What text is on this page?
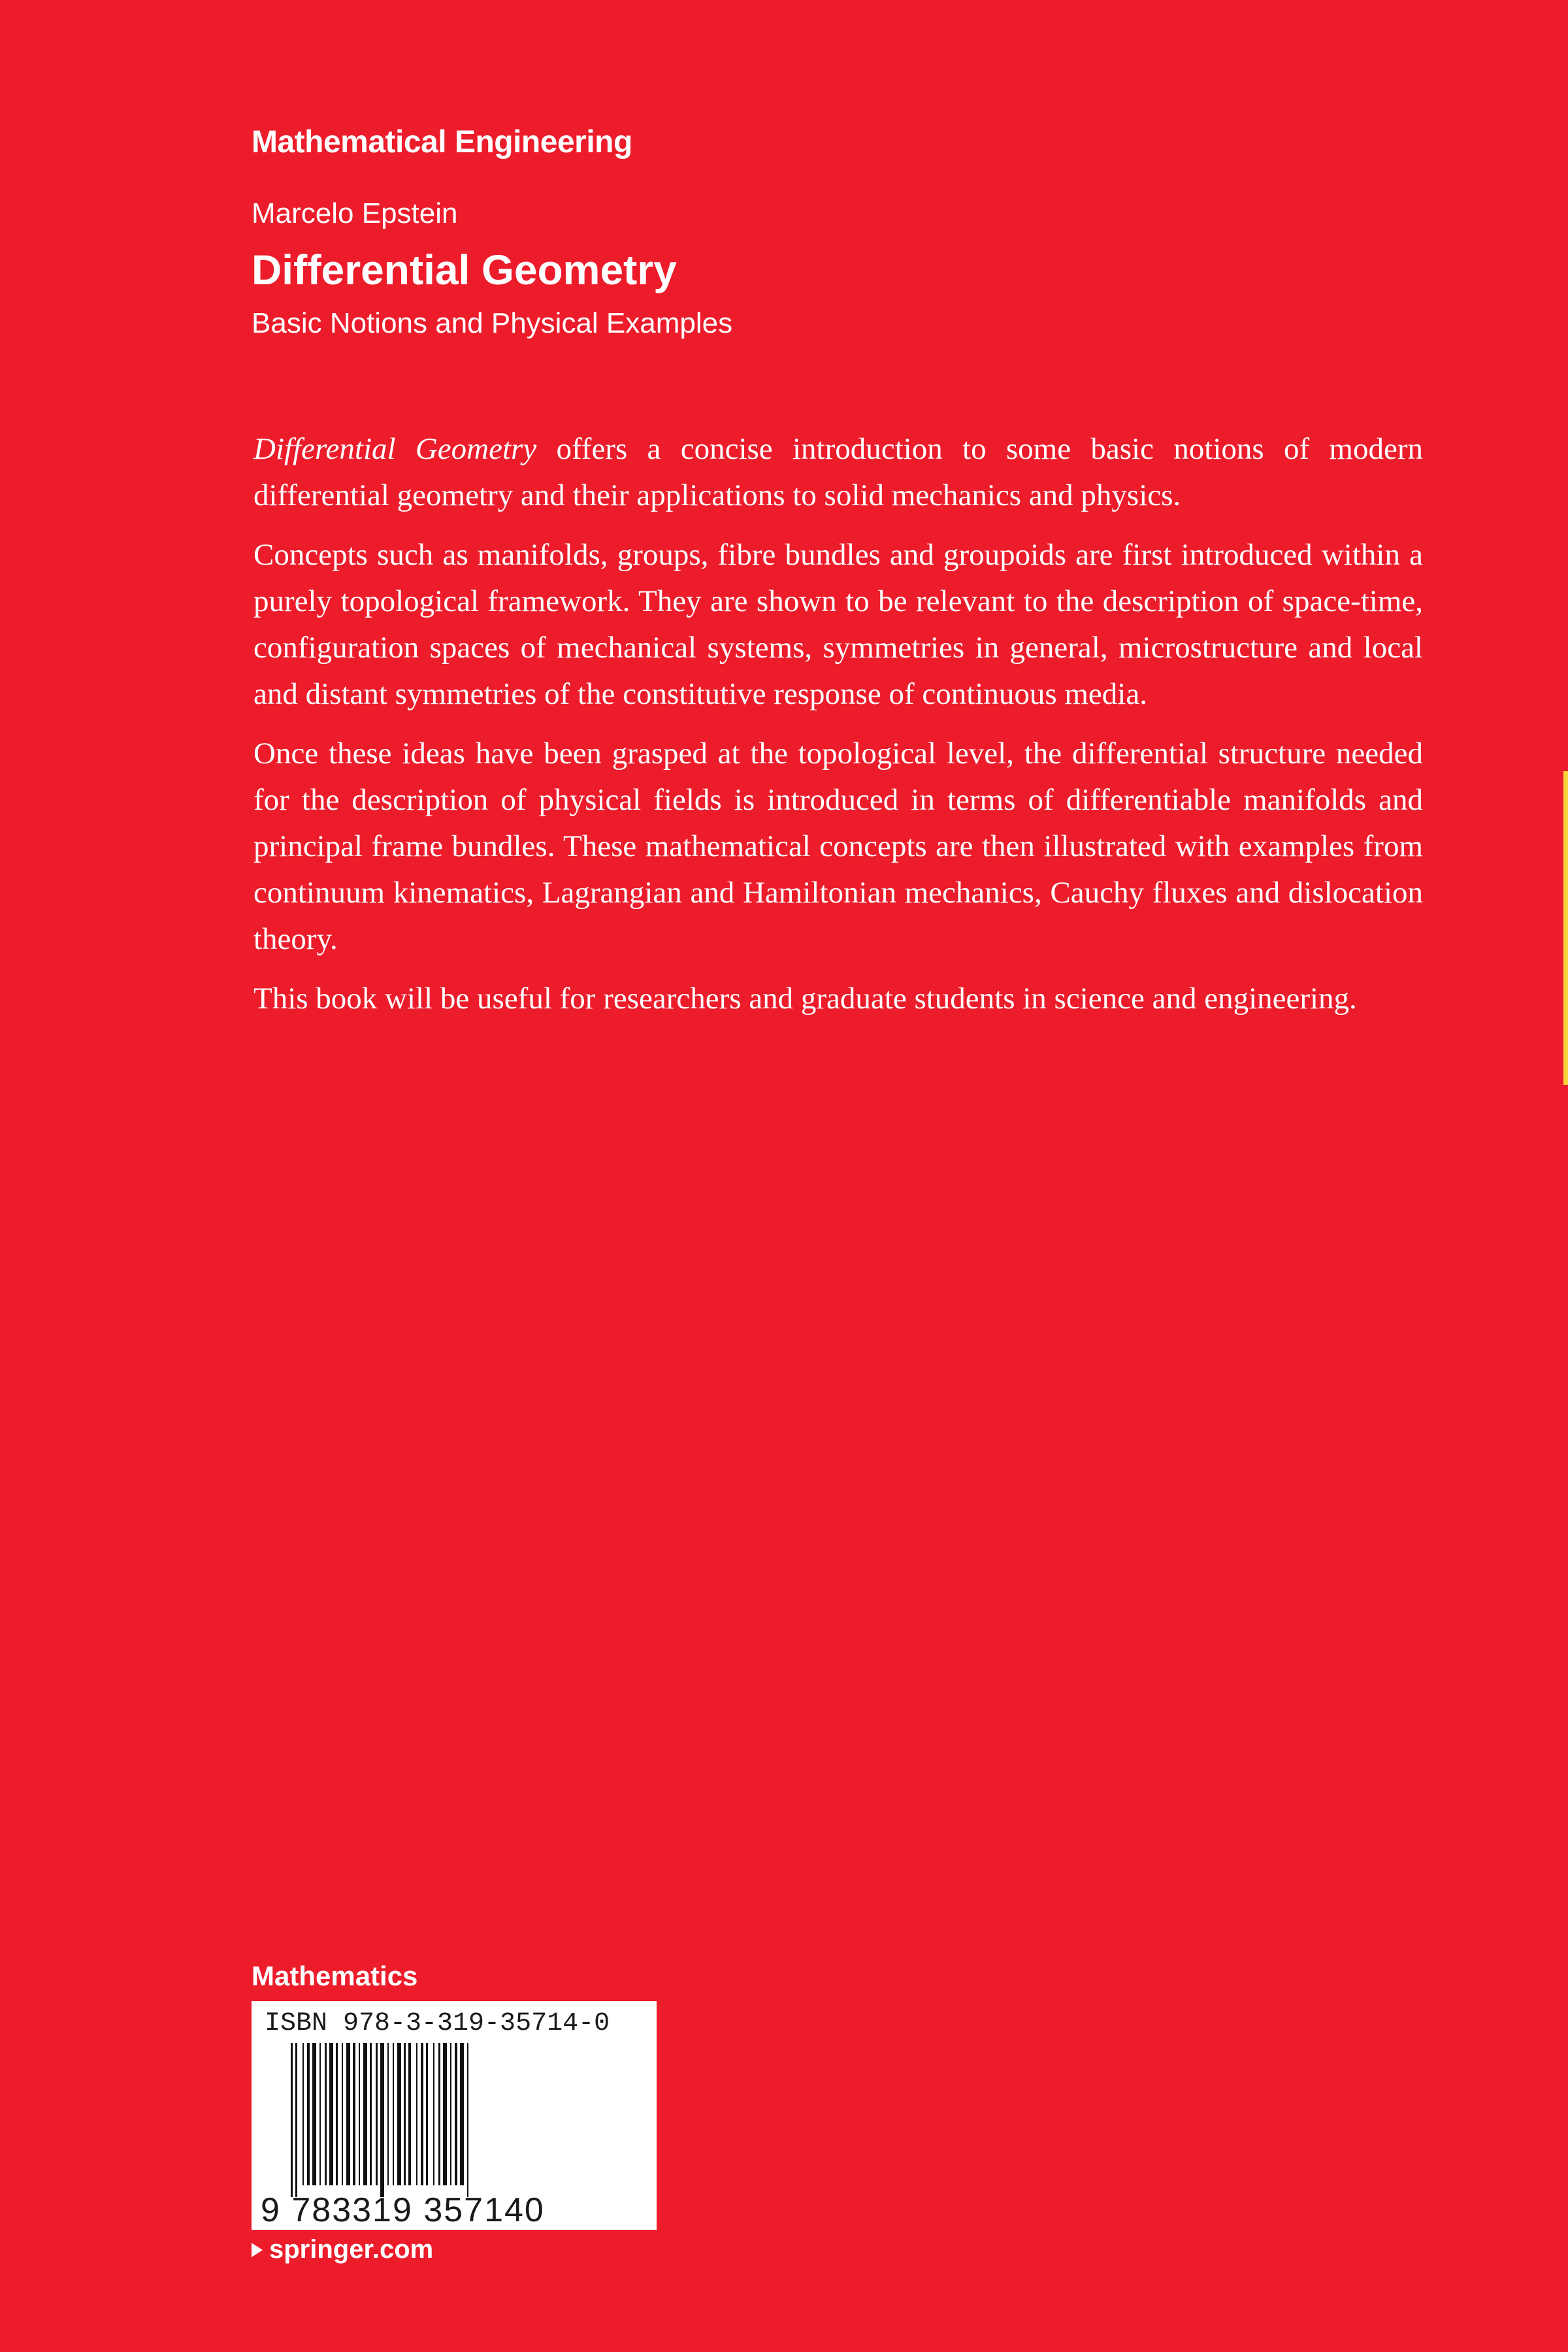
Mathematical Engineering
Marcelo Epstein
Differential Geometry
Basic Notions and Physical Examples

Differential Geometry offers a concise introduction to some basic notions of modern differential geometry and their applications to solid mechanics and physics.

Concepts such as manifolds, groups, fibre bundles and groupoids are first introduced within a purely topological framework. They are shown to be relevant to the description of space-time, configuration spaces of mechanical systems, symmetries in general, microstructure and local and distant symmetries of the constitutive response of continuous media.

Once these ideas have been grasped at the topological level, the differential structure needed for the description of physical fields is introduced in terms of differentiable manifolds and principal frame bundles. These mathematical concepts are then illustrated with examples from continuum kinematics, Lagrangian and Hamiltonian mechanics, Cauchy fluxes and dislocation theory.

This book will be useful for researchers and graduate students in science and engineering.

Mathematics
ISBN 978-3-319-35714-0
9 783319 357140
springer.com
